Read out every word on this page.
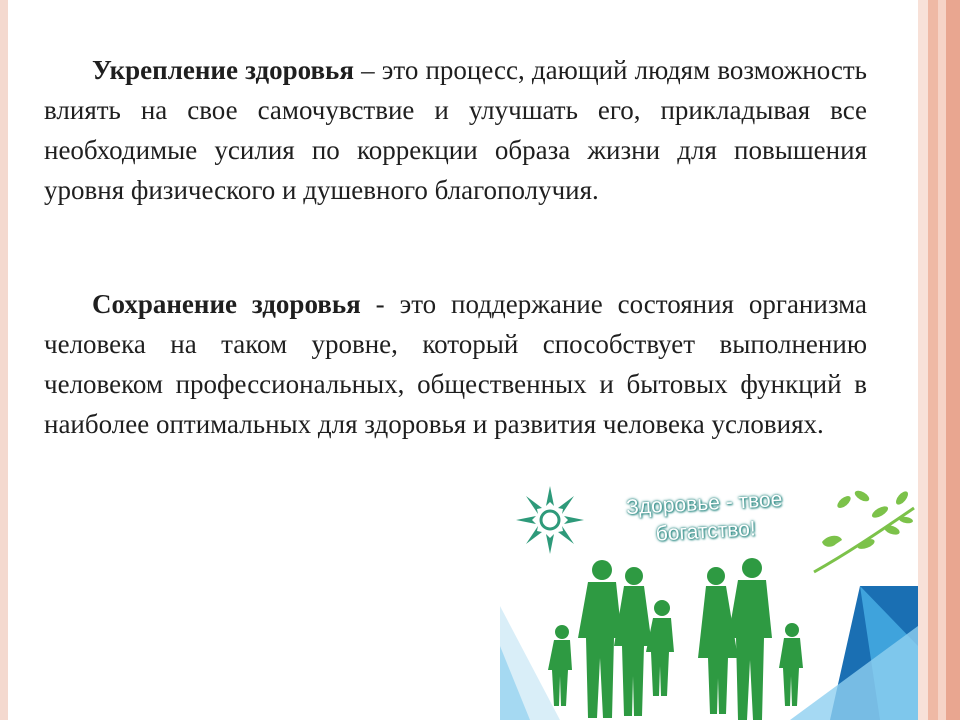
Укрепление здоровья – это процесс, дающий людям возможность влиять на свое самочувствие и улучшать его, прикладывая все необходимые усилия по коррекции образа жизни для повышения уровня физического и душевного благополучия.
Сохранение здоровья - это поддержание состояния организма человека на таком уровне, который способствует выполнению человеком профессиональных, общественных и бытовых функций в наиболее оптимальных для здоровья и развития человека условиях.
Здоровье - твое
богатство!
